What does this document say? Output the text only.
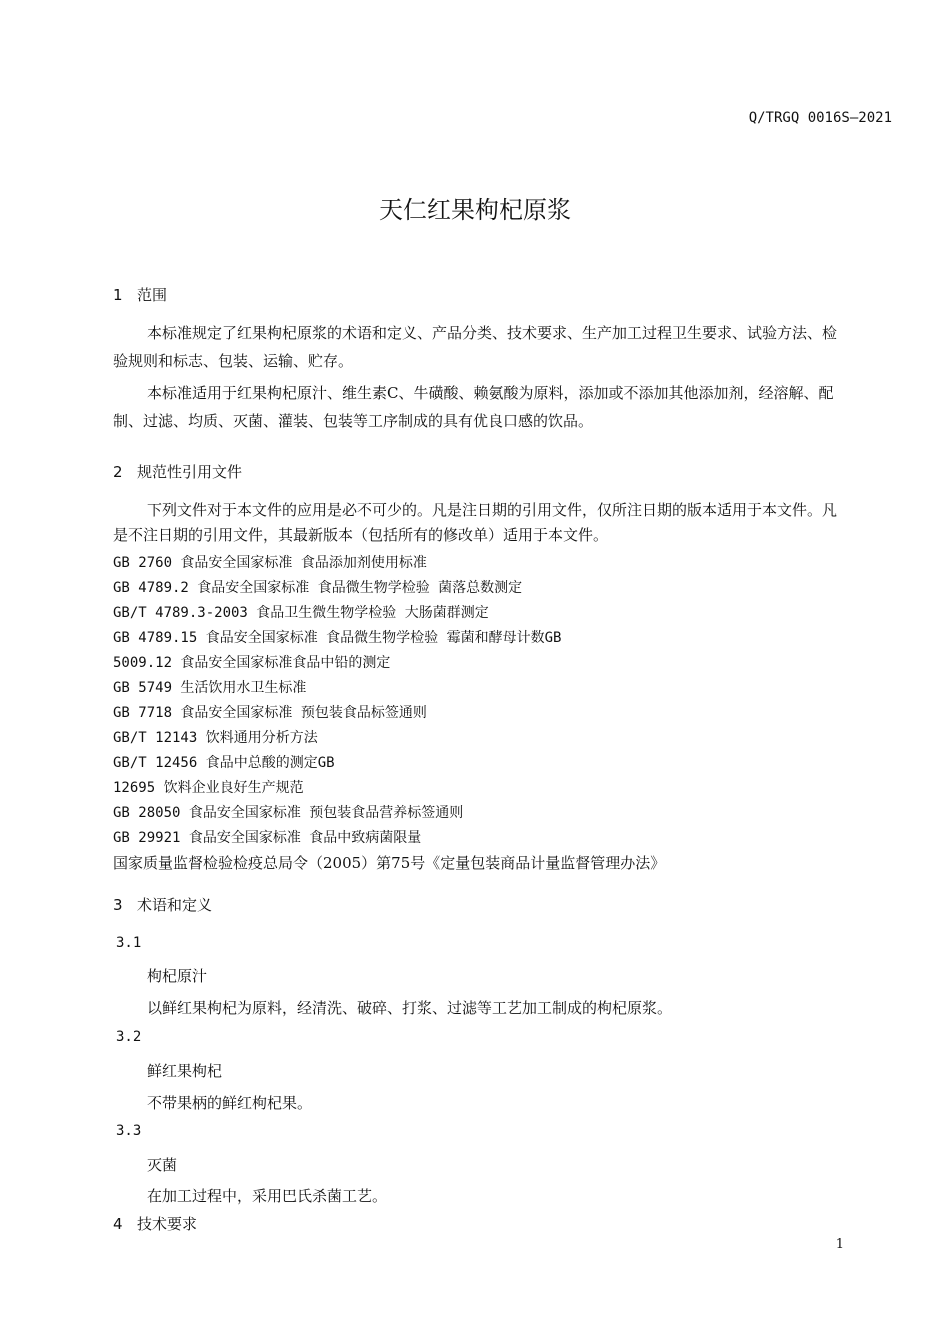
Q/TRGQ 0016S—2021
天仁红果枸杞原浆
1 范围
本标准规定了红果枸杞原浆的术语和定义、产品分类、技术要求、生产加工过程卫生要求、试验方法、检
验规则和标志、包装、运输、贮存。
本标准适用于红果枸杞原汁、维生素C、牛磺酸、赖氨酸为原料，添加或不添加其他添加剂，经溶解、配
制、过滤、均质、灭菌、灌装、包装等工序制成的具有优良口感的饮品。
2 规范性引用文件
下列文件对于本文件的应用是必不可少的。凡是注日期的引用文件，仅所注日期的版本适用于本文件。凡
是不注日期的引用文件，其最新版本（包括所有的修改单）适用于本文件。
GB 2760 食品安全国家标准 食品添加剂使用标准
GB 4789.2 食品安全国家标准 食品微生物学检验 菌落总数测定
GB/T 4789.3-2003 食品卫生微生物学检验 大肠菌群测定
GB 4789.15 食品安全国家标准 食品微生物学检验 霉菌和酵母计数GB
5009.12 食品安全国家标准食品中铅的测定
GB 5749 生活饮用水卫生标准
GB 7718 食品安全国家标准 预包装食品标签通则
GB/T 12143 饮料通用分析方法
GB/T 12456 食品中总酸的测定GB
12695 饮料企业良好生产规范
GB 28050 食品安全国家标准 预包装食品营养标签通则
GB 29921 食品安全国家标准 食品中致病菌限量
国家质量监督检验检疫总局令（2005）第75号《定量包装商品计量监督管理办法》
3 术语和定义
3.1
枸杞原汁
以鲜红果枸杞为原料，经清洗、破碎、打浆、过滤等工艺加工制成的枸杞原浆。
3.2
鲜红果枸杞
不带果柄的鲜红枸杞果。
3.3
灭菌
在加工过程中，采用巴氏杀菌工艺。
4 技术要求
1
